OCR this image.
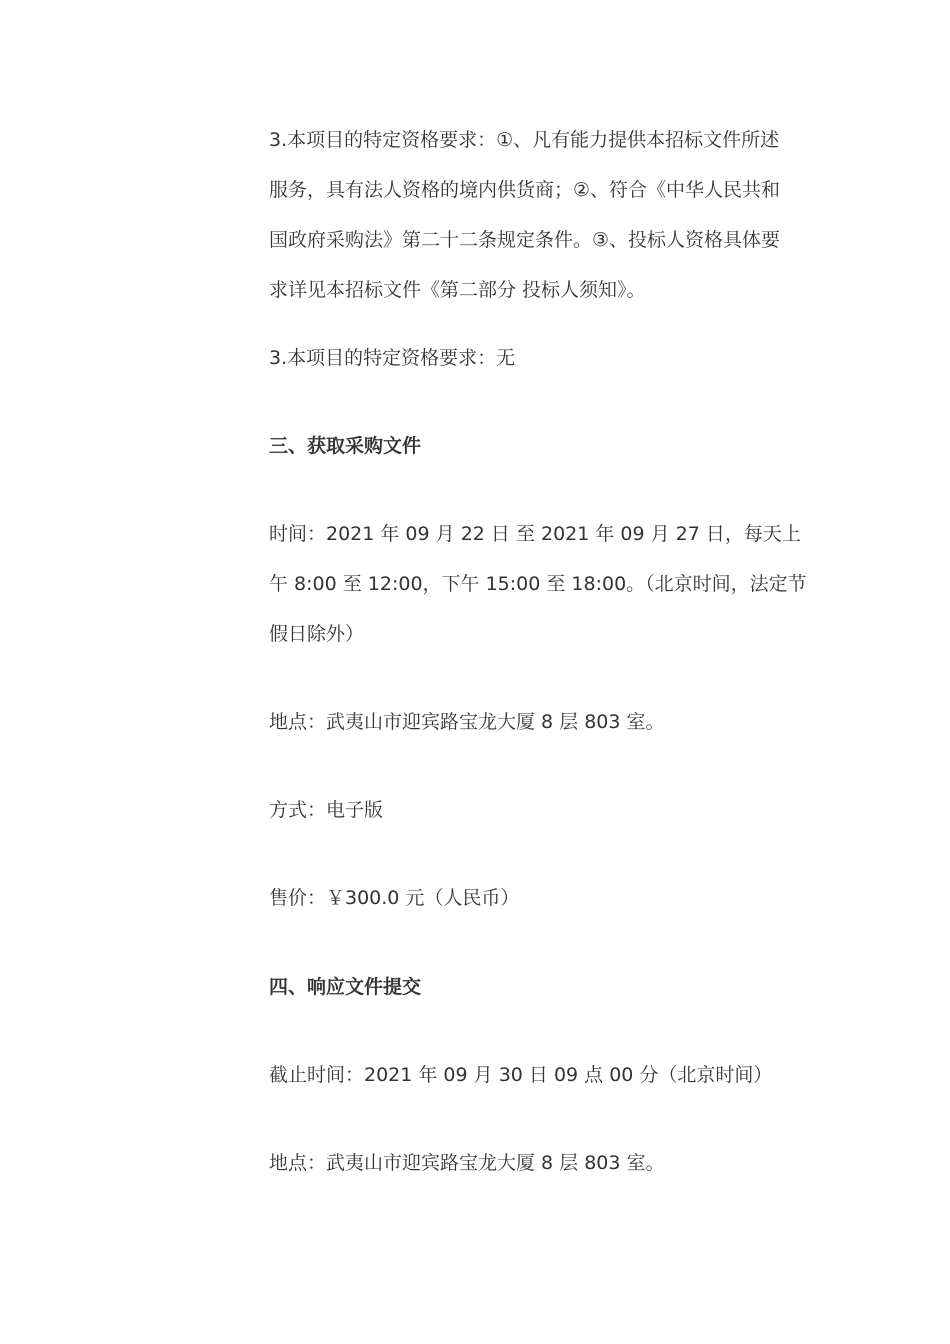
3.本项目的特定资格要求：①、凡有能力提供本招标文件所述
服务，具有法人资格的境内供货商；②、符合《中华人民共和
国政府采购法》第二十二条规定条件。③、投标人资格具体要
求详见本招标文件《第二部分 投标人须知》。
3.本项目的特定资格要求：无
三、获取采购文件
时间：2021 年 09 月 22 日 至 2021 年 09 月 27 日，每天上
午 8:00 至 12:00，下午 15:00 至 18:00。（北京时间，法定节
假日除外）
地点：武夷山市迎宾路宝龙大厦 8 层 803 室。
方式：电子版
售价：￥300.0 元（人民币）
四、响应文件提交
截止时间：2021 年 09 月 30 日 09 点 00 分（北京时间）
地点：武夷山市迎宾路宝龙大厦 8 层 803 室。
